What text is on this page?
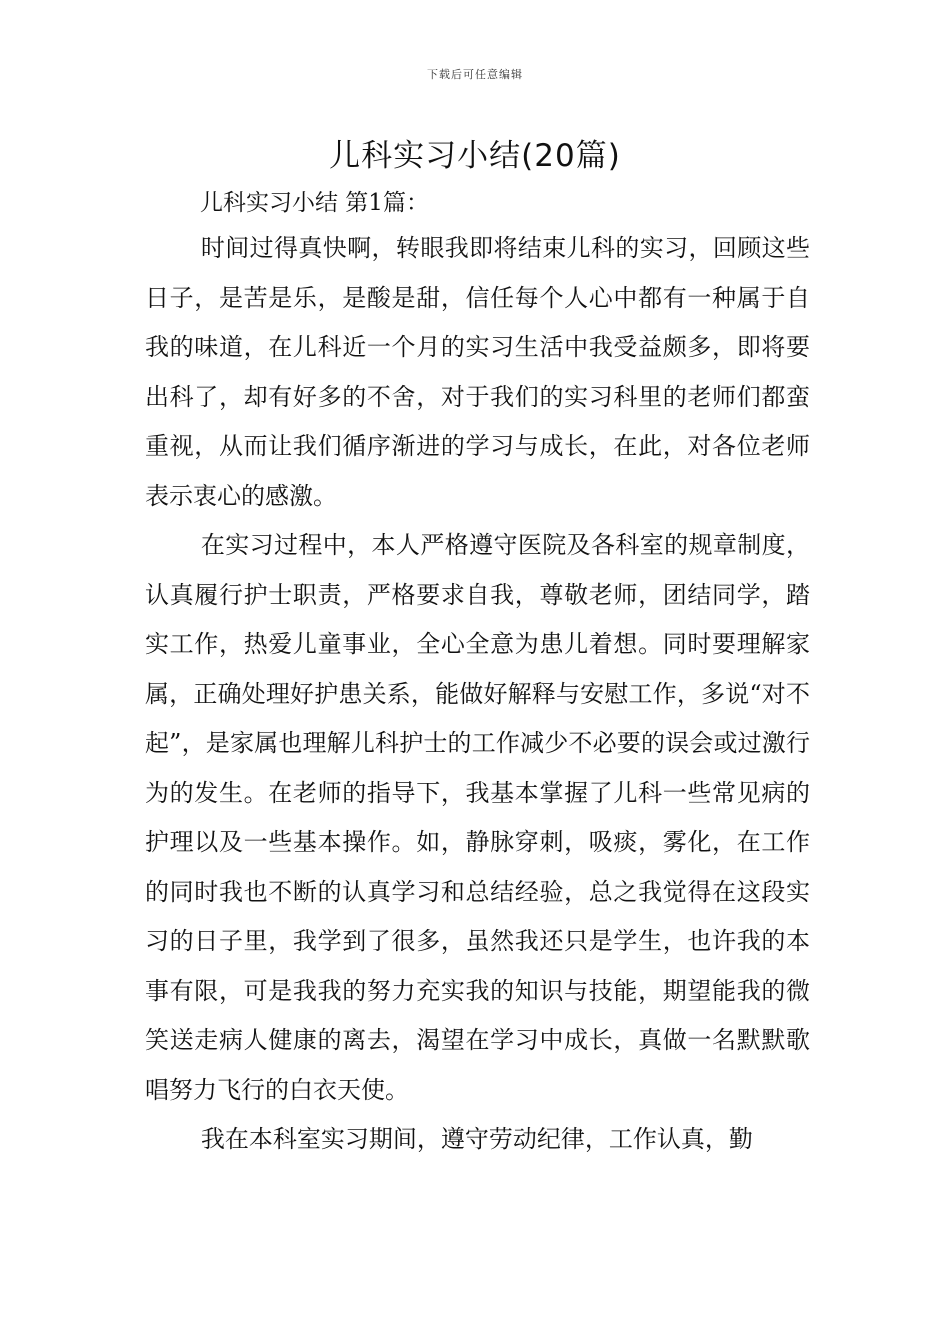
下载后可任意编辑
儿科实习小结(20篇)
儿科实习小结 第1篇：

时间过得真快啊，转眼我即将结束儿科的实习，回顾这些日子，是苦是乐，是酸是甜，信任每个人心中都有一种属于自我的味道，在儿科近一个月的实习生活中我受益颇多，即将要出科了，却有好多的不舍，对于我们的实习科里的老师们都蛮重视，从而让我们循序渐进的学习与成长，在此，对各位老师表示衷心的感激。

在实习过程中，本人严格遵守医院及各科室的规章制度，认真履行护士职责，严格要求自我，尊敬老师，团结同学，踏实工作，热爱儿童事业，全心全意为患儿着想。同时要理解家属，正确处理好护患关系，能做好解释与安慰工作，多说“对不起”，是家属也理解儿科护士的工作减少不必要的误会或过激行为的发生。在老师的指导下，我基本掌握了儿科一些常见病的护理以及一些基本操作。如，静脉穿刺，吸痰，雾化，在工作的同时我也不断的认真学习和总结经验，总之我觉得在这段实习的日子里，我学到了很多，虽然我还只是学生，也许我的本事有限，可是我我的努力充实我的知识与技能，期望能我的微笑送走病人健康的离去，渴望在学习中成长，真做一名默默歌唱努力飞行的白衣天使。

我在本科室实习期间，遵守劳动纪律，工作认真，勤
